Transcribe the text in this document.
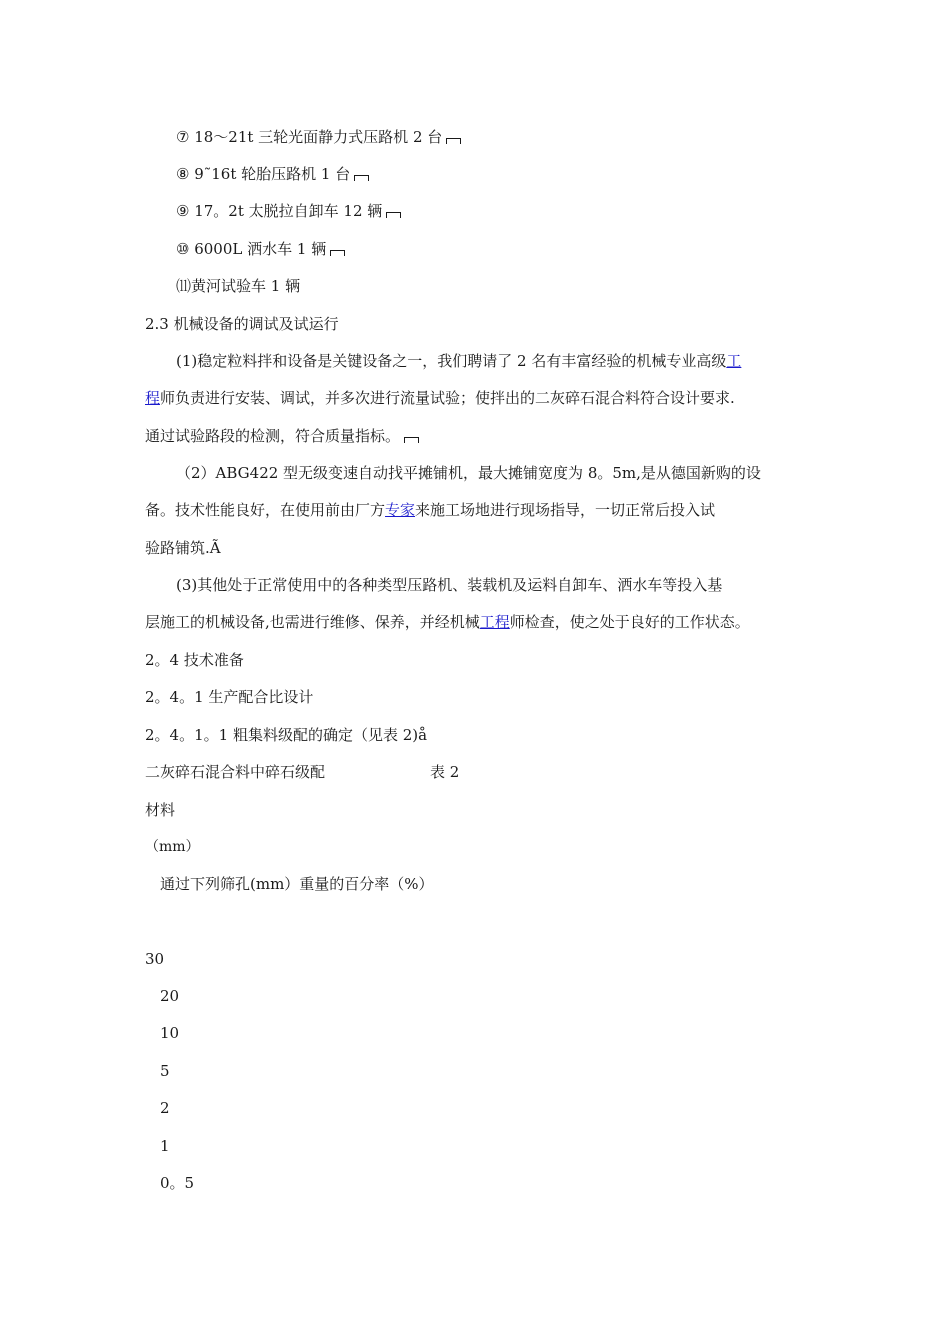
⑦ 18～21t 三轮光面静力式压路机 2 台
⑧ 9˜16t 轮胎压路机 1 台
⑨ 17。2t 太脱拉自卸车 12 辆
⑩ 6000L 洒水车 1 辆
⑾黄河试验车 1 辆
2.3 机械设备的调试及试运行
(1)稳定粒料拌和设备是关键设备之一，我们聘请了 2 名有丰富经验的机械专业高级工
程师负责进行安装、调试，并多次进行流量试验；使拌出的二灰碎石混合料符合设计要求.
通过试验路段的检测，符合质量指标。
（2）ABG422 型无级变速自动找平摊铺机，最大摊铺宽度为 8。5m,是从德国新购的设
备。技术性能良好，在使用前由厂方专家来施工场地进行现场指导，一切正常后投入试
验路铺筑.Ã
(3)其他处于正常使用中的各种类型压路机、装载机及运料自卸车、洒水车等投入基
层施工的机械设备,也需进行维修、保养，并经机械工程师检查，使之处于良好的工作状态。
2。4 技术准备
2。4。1 生产配合比设计
2。4。1。1 粗集料级配的确定（见表 2)å
二灰碎石混合料中碎石级配	表 2
材料
（mm）
通过下列筛孔(mm）重量的百分率（%）
30
20
10
5
2
1
0。5
